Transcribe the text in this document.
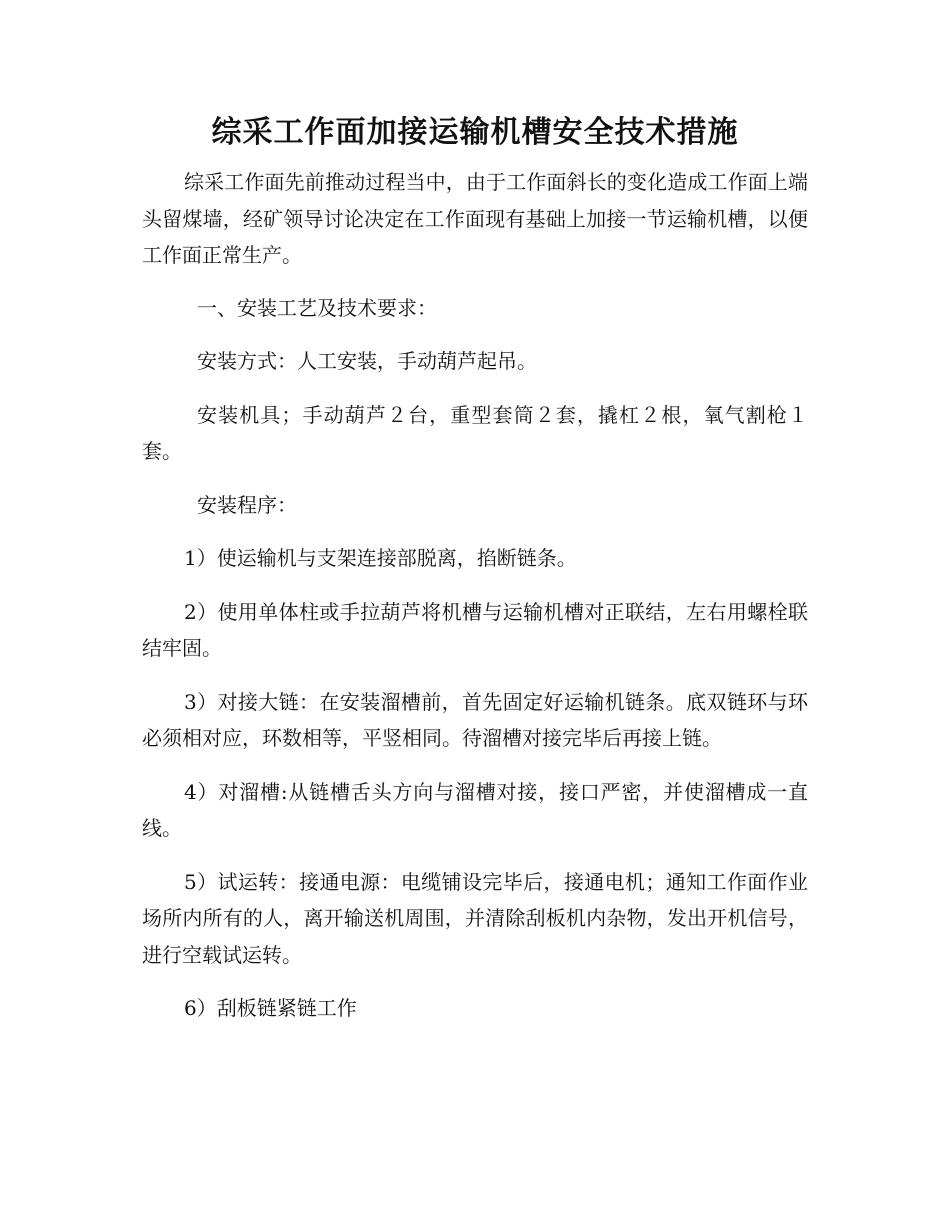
综采工作面加接运输机槽安全技术措施

综采工作面先前推动过程当中，由于工作面斜长的变化造成工作面上端头留煤墙，经矿领导讨论决定在工作面现有基础上加接一节运输机槽，以便工作面正常生产。

一、安装工艺及技术要求：

安装方式：人工安装，手动葫芦起吊。

安装机具；手动葫芦２台，重型套筒２套，撬杠２根，氧气割枪１套。

安装程序：

1）使运输机与支架连接部脱离，掐断链条。

2）使用单体柱或手拉葫芦将机槽与运输机槽对正联结，左右用螺栓联结牢固。

3）对接大链：在安装溜槽前，首先固定好运输机链条。底双链环与环必须相对应，环数相等，平竖相同。待溜槽对接完毕后再接上链。

4）对溜槽:从链槽舌头方向与溜槽对接，接口严密，并使溜槽成一直线。

5）试运转：接通电源：电缆铺设完毕后，接通电机；通知工作面作业场所内所有的人，离开输送机周围，并清除刮板机内杂物，发出开机信号，进行空载试运转。

6）刮板链紧链工作
